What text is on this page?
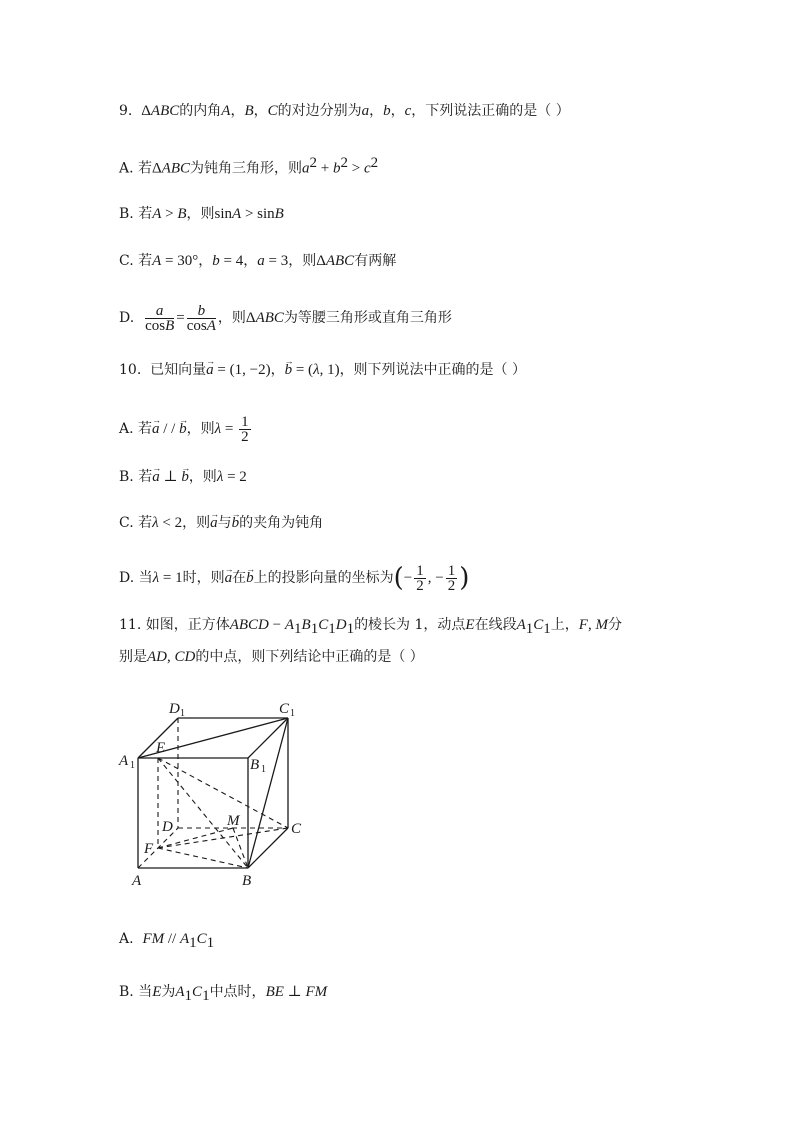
9. ΔABC的内角A，B，C的对边分别为a，b，c，下列说法正确的是（ ）
A. 若ΔABC为钝角三角形，则$a^2 + b^2 > c^2$
B. 若A > B，则sinA > sinB
C. 若A = 30°，b = 4，a = 3，则ΔABC有两解
D. $\frac{a}{\cos B} = \frac{b}{\cos A}$ ，则ΔABC为等腰三角形或直角三角形
10. 已知向量→ a = (1, −2)，→ b = (λ, 1)，则下列说法中正确的是（ ）
A. 若→ a / / → b，则$\lambda = \frac{1}{2}$
B. 若→ a ⊥ → b，则λ = 2
C. 若λ < 2，则→ a与→ b的夹角为钝角
D. 当λ = 1时，则→ a在→ b上的投影向量的坐标为(− $\frac{1}{2}$ , − $\frac{1}{2}$ )
11. 如图，正方体ABCD − $A_1B_1C_1D_1$的棱长为 1，动点E在线段$A_1C_1$上，F, M分
别是AD, CD的中点，则下列结论中正确的是（ ）
D 1	C 1
A 1
E
B 1
D	M	C
F
A	B
A. FM // $A_1C_1$
B. 当E为$A_1C_1$中点时，BE ⊥ FM
